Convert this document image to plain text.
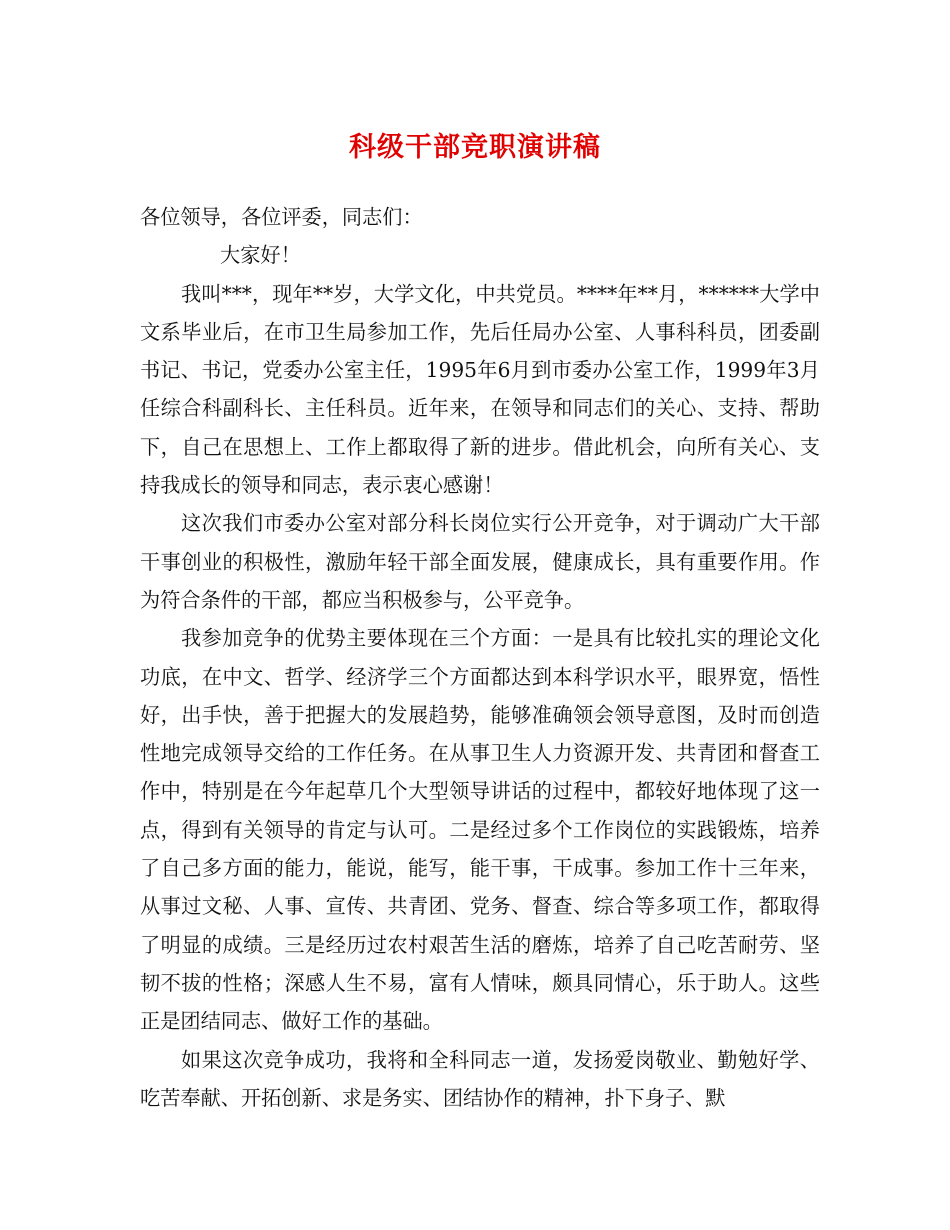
科级干部竞职演讲稿

各位领导，各位评委，同志们：

大家好！

我叫***，现年**岁，大学文化，中共党员。****年**月，******大学中文系毕业后，在市卫生局参加工作，先后任局办公室、人事科科员，团委副书记、书记，党委办公室主任，1995年6月到市委办公室工作，1999年3月任综合科副科长、主任科员。近年来，在领导和同志们的关心、支持、帮助下，自己在思想上、工作上都取得了新的进步。借此机会，向所有关心、支持我成长的领导和同志，表示衷心感谢！

这次我们市委办公室对部分科长岗位实行公开竞争，对于调动广大干部干事创业的积极性，激励年轻干部全面发展，健康成长，具有重要作用。作为符合条件的干部，都应当积极参与，公平竞争。

我参加竞争的优势主要体现在三个方面：一是具有比较扎实的理论文化功底，在中文、哲学、经济学三个方面都达到本科学识水平，眼界宽，悟性好，出手快，善于把握大的发展趋势，能够准确领会领导意图，及时而创造性地完成领导交给的工作任务。在从事卫生人力资源开发、共青团和督查工作中，特别是在今年起草几个大型领导讲话的过程中，都较好地体现了这一点，得到有关领导的肯定与认可。二是经过多个工作岗位的实践锻炼，培养了自己多方面的能力，能说，能写，能干事，干成事。参加工作十三年来，从事过文秘、人事、宣传、共青团、党务、督查、综合等多项工作，都取得了明显的成绩。三是经历过农村艰苦生活的磨炼，培养了自己吃苦耐劳、坚韧不拔的性格；深感人生不易，富有人情味，颇具同情心，乐于助人。这些正是团结同志、做好工作的基础。

如果这次竞争成功，我将和全科同志一道，发扬爱岗敬业、勤勉好学、吃苦奉献、开拓创新、求是务实、团结协作的精神，扑下身子、默
